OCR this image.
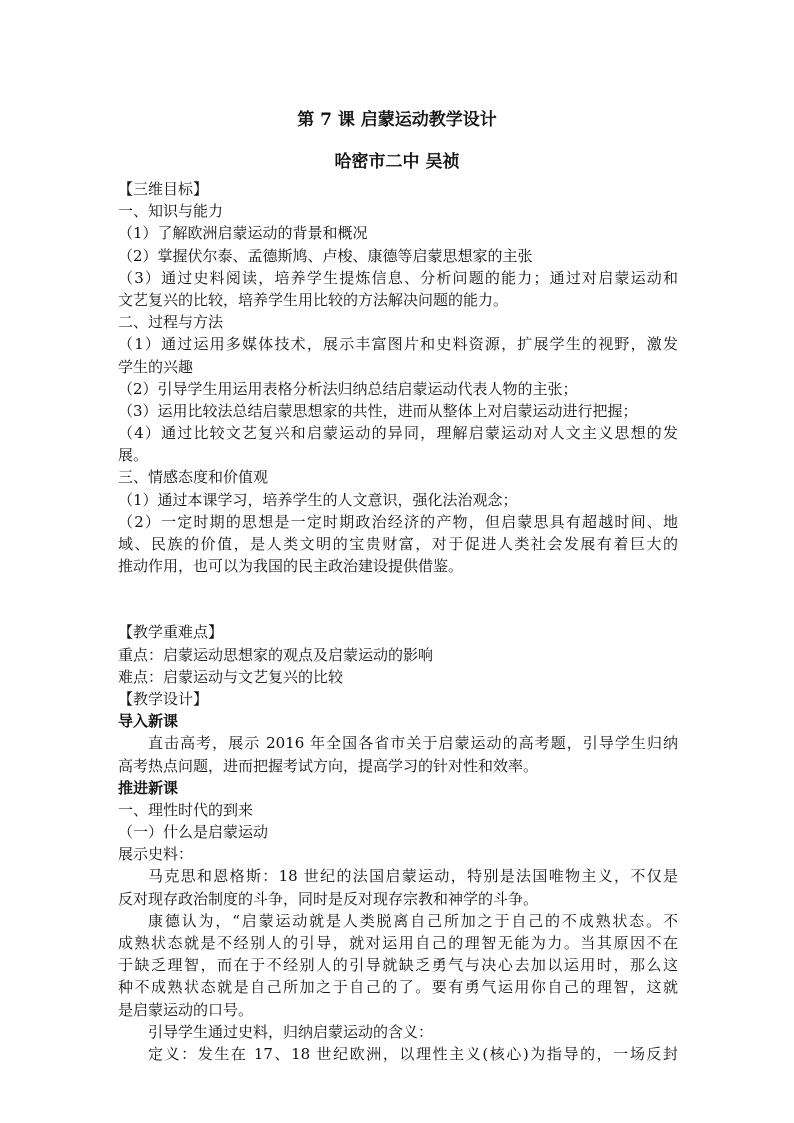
第 7 课 启蒙运动教学设计
哈密市二中 吴祯
【三维目标】
一、知识与能力
（1）了解欧洲启蒙运动的背景和概况
（2）掌握伏尔泰、孟德斯鸠、卢梭、康德等启蒙思想家的主张
（3）通过史料阅读，培养学生提炼信息、分析问题的能力；通过对启蒙运动和
文艺复兴的比较，培养学生用比较的方法解决问题的能力。
二、过程与方法
（1）通过运用多媒体技术，展示丰富图片和史料资源，扩展学生的视野，激发
学生的兴趣
（2）引导学生用运用表格分析法归纳总结启蒙运动代表人物的主张；
（3）运用比较法总结启蒙思想家的共性，进而从整体上对启蒙运动进行把握；
（4）通过比较文艺复兴和启蒙运动的异同，理解启蒙运动对人文主义思想的发
展。
三、情感态度和价值观
（1）通过本课学习，培养学生的人文意识，强化法治观念；
（2）一定时期的思想是一定时期政治经济的产物，但启蒙思具有超越时间、地
域、民族的价值，是人类文明的宝贵财富，对于促进人类社会发展有着巨大的
推动作用，也可以为我国的民主政治建设提供借鉴。
【教学重难点】
重点：启蒙运动思想家的观点及启蒙运动的影响
难点：启蒙运动与文艺复兴的比较
【教学设计】
导入新课
直击高考，展示 2016 年全国各省市关于启蒙运动的高考题，引导学生归纳
高考热点问题，进而把握考试方向，提高学习的针对性和效率。
推进新课
一、理性时代的到来
（一）什么是启蒙运动
展示史料：
马克思和恩格斯：18 世纪的法国启蒙运动，特别是法国唯物主义，不仅是
反对现存政治制度的斗争，同时是反对现存宗教和神学的斗争。
康德认为，“启蒙运动就是人类脱离自己所加之于自己的不成熟状态。不
成熟状态就是不经别人的引导，就对运用自己的理智无能为力。当其原因不在
于缺乏理智，而在于不经别人的引导就缺乏勇气与决心去加以运用时，那么这
种不成熟状态就是自己所加之于自己的了。要有勇气运用你自己的理智，这就
是启蒙运动的口号。
引导学生通过史料，归纳启蒙运动的含义：
定义：发生在 17、18 世纪欧洲，以理性主义(核心)为指导的，一场反封
